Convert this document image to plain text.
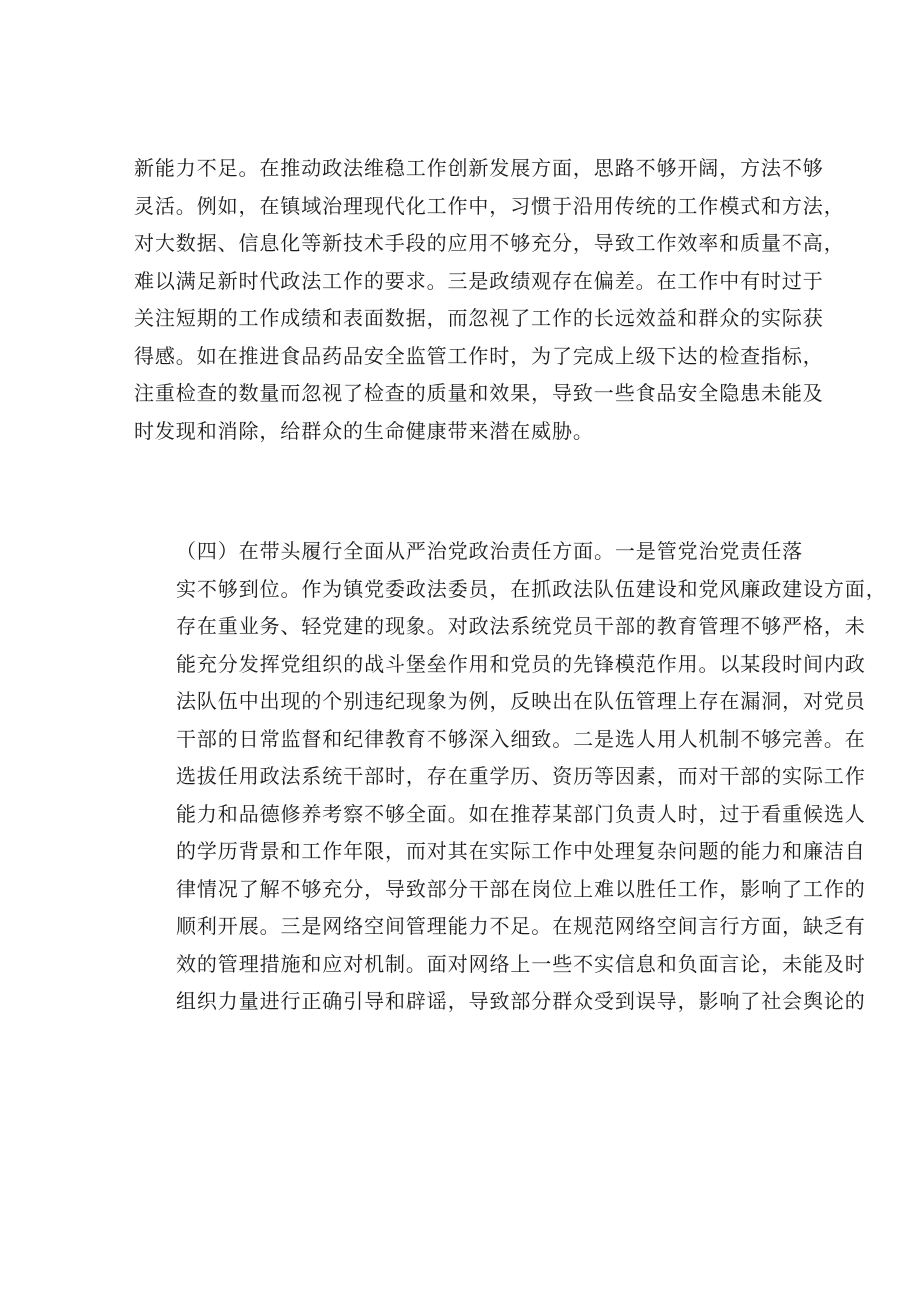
新能力不足。在推动政法维稳工作创新发展方面，思路不够开阔，方法不够
灵活。例如，在镇域治理现代化工作中，习惯于沿用传统的工作模式和方法，
对大数据、信息化等新技术手段的应用不够充分，导致工作效率和质量不高，
难以满足新时代政法工作的要求。三是政绩观存在偏差。在工作中有时过于
关注短期的工作成绩和表面数据，而忽视了工作的长远效益和群众的实际获
得感。如在推进食品药品安全监管工作时，为了完成上级下达的检查指标，
注重检查的数量而忽视了检查的质量和效果，导致一些食品安全隐患未能及
时发现和消除，给群众的生命健康带来潜在威胁。
（四）在带头履行全面从严治党政治责任方面。一是管党治党责任落
实不够到位。作为镇党委政法委员，在抓政法队伍建设和党风廉政建设方面，
存在重业务、轻党建的现象。对政法系统党员干部的教育管理不够严格，未
能充分发挥党组织的战斗堡垒作用和党员的先锋模范作用。以某段时间内政
法队伍中出现的个别违纪现象为例，反映出在队伍管理上存在漏洞，对党员
干部的日常监督和纪律教育不够深入细致。二是选人用人机制不够完善。在
选拔任用政法系统干部时，存在重学历、资历等因素，而对干部的实际工作
能力和品德修养考察不够全面。如在推荐某部门负责人时，过于看重候选人
的学历背景和工作年限，而对其在实际工作中处理复杂问题的能力和廉洁自
律情况了解不够充分，导致部分干部在岗位上难以胜任工作，影响了工作的
顺利开展。三是网络空间管理能力不足。在规范网络空间言行方面，缺乏有
效的管理措施和应对机制。面对网络上一些不实信息和负面言论，未能及时
组织力量进行正确引导和辟谣，导致部分群众受到误导，影响了社会舆论的
